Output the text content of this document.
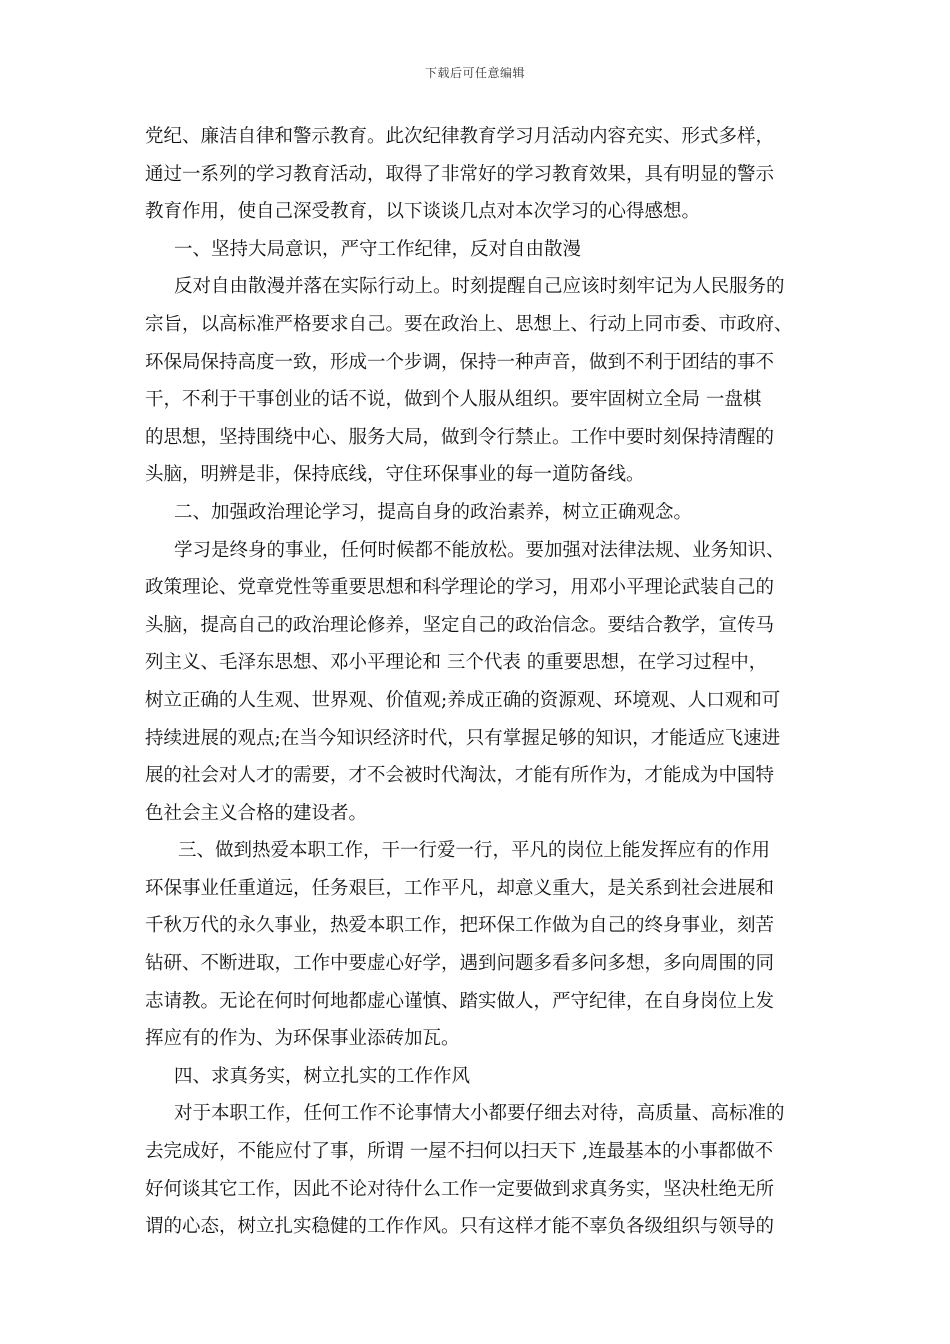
下载后可任意编辑
党纪、廉洁自律和警示教育。此次纪律教育学习月活动内容充实、形式多样，
通过一系列的学习教育活动，取得了非常好的学习教育效果，具有明显的警示
教育作用，使自己深受教育，以下谈谈几点对本次学习的心得感想。
一、坚持大局意识，严守工作纪律，反对自由散漫
反对自由散漫并落在实际行动上。时刻提醒自己应该时刻牢记为人民服务的
宗旨，以高标准严格要求自己。要在政治上、思想上、行动上同市委、市政府、
环保局保持高度一致，形成一个步调，保持一种声音，做到不利于团结的事不
干，不利于干事创业的话不说，做到个人服从组织。要牢固树立全局 一盘棋
的思想，坚持围绕中心、服务大局，做到令行禁止。工作中要时刻保持清醒的
头脑，明辨是非，保持底线，守住环保事业的每一道防备线。
二、加强政治理论学习，提高自身的政治素养，树立正确观念。
学习是终身的事业，任何时候都不能放松。要加强对法律法规、业务知识、
政策理论、党章党性等重要思想和科学理论的学习，用邓小平理论武装自己的
头脑，提高自己的政治理论修养，坚定自己的政治信念。要结合教学，宣传马
列主义、毛泽东思想、邓小平理论和 三个代表 的重要思想，在学习过程中，
树立正确的人生观、世界观、价值观;养成正确的资源观、环境观、人口观和可
持续进展的观点;在当今知识经济时代，只有掌握足够的知识，才能适应飞速进
展的社会对人才的需要，才不会被时代淘汰，才能有所作为，才能成为中国特
色社会主义合格的建设者。
三、做到热爱本职工作，干一行爱一行，平凡的岗位上能发挥应有的作用
环保事业任重道远，任务艰巨，工作平凡，却意义重大，是关系到社会进展和
千秋万代的永久事业，热爱本职工作，把环保工作做为自己的终身事业，刻苦
钻研、不断进取，工作中要虚心好学，遇到问题多看多问多想，多向周围的同
志请教。无论在何时何地都虚心谨慎、踏实做人，严守纪律，在自身岗位上发
挥应有的作为、为环保事业添砖加瓦。
四、求真务实，树立扎实的工作作风
对于本职工作，任何工作不论事情大小都要仔细去对待，高质量、高标准的
去完成好，不能应付了事，所谓 一屋不扫何以扫天下 ,连最基本的小事都做不
好何谈其它工作，因此不论对待什么工作一定要做到求真务实，坚决杜绝无所
谓的心态，树立扎实稳健的工作作风。只有这样才能不辜负各级组织与领导的
